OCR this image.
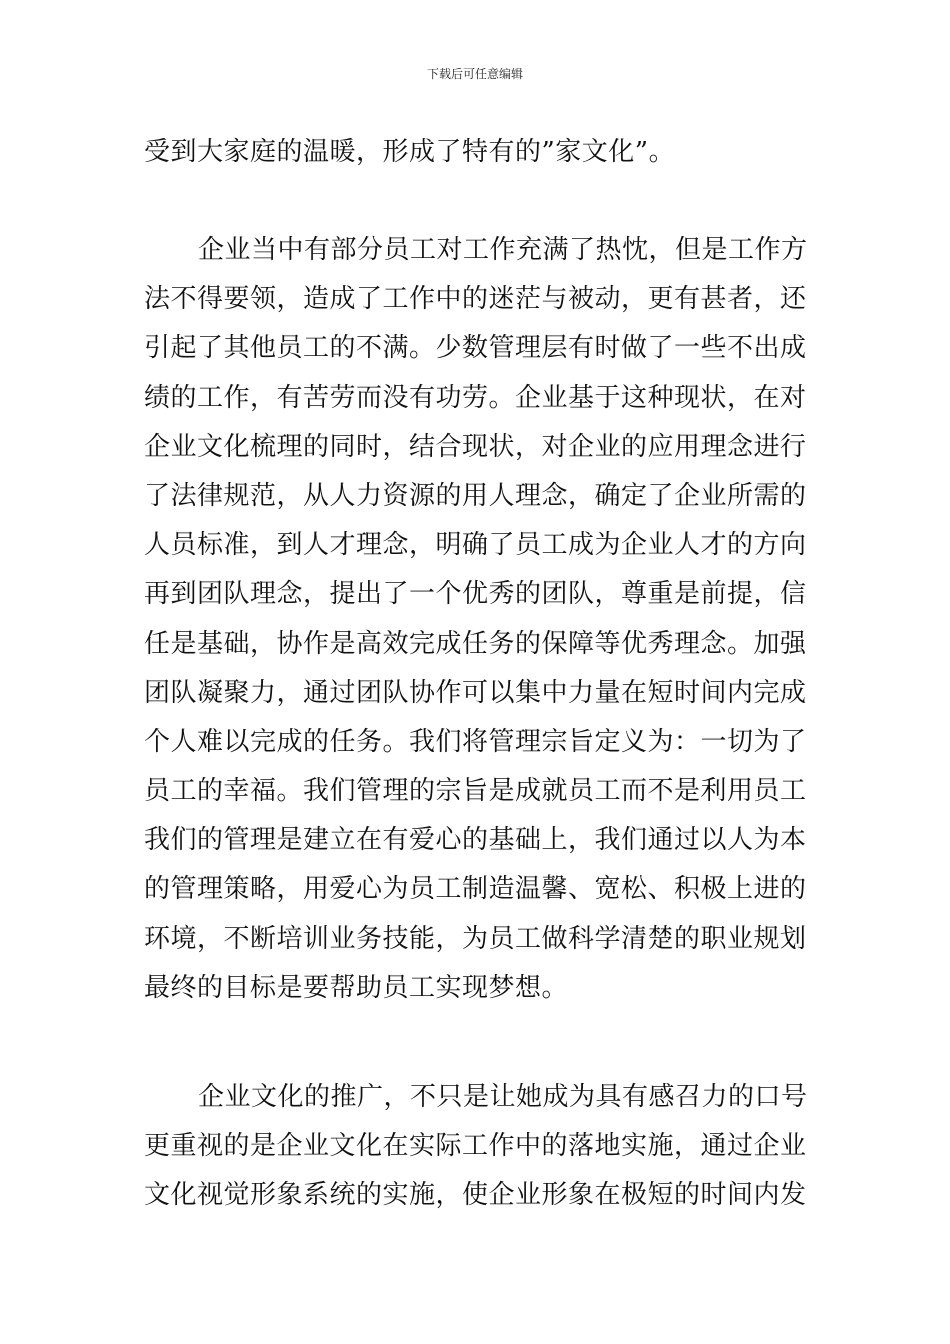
下载后可任意编辑
受到大家庭的温暖，形成了特有的”家文化”。
企业当中有部分员工对工作充满了热忱，但是工作方
法不得要领，造成了工作中的迷茫与被动，更有甚者，还
引起了其他员工的不满。少数管理层有时做了一些不出成
绩的工作，有苦劳而没有功劳。企业基于这种现状，在对
企业文化梳理的同时，结合现状，对企业的应用理念进行
了法律规范，从人力资源的用人理念，确定了企业所需的
人员标准，到人才理念，明确了员工成为企业人才的方向
再到团队理念，提出了一个优秀的团队，尊重是前提，信
任是基础，协作是高效完成任务的保障等优秀理念。加强
团队凝聚力，通过团队协作可以集中力量在短时间内完成
个人难以完成的任务。我们将管理宗旨定义为：一切为了
员工的幸福。我们管理的宗旨是成就员工而不是利用员工
我们的管理是建立在有爱心的基础上，我们通过以人为本
的管理策略，用爱心为员工制造温馨、宽松、积极上进的
环境，不断培训业务技能，为员工做科学清楚的职业规划
最终的目标是要帮助员工实现梦想。
企业文化的推广，不只是让她成为具有感召力的口号
更重视的是企业文化在实际工作中的落地实施，通过企业
文化视觉形象系统的实施，使企业形象在极短的时间内发
